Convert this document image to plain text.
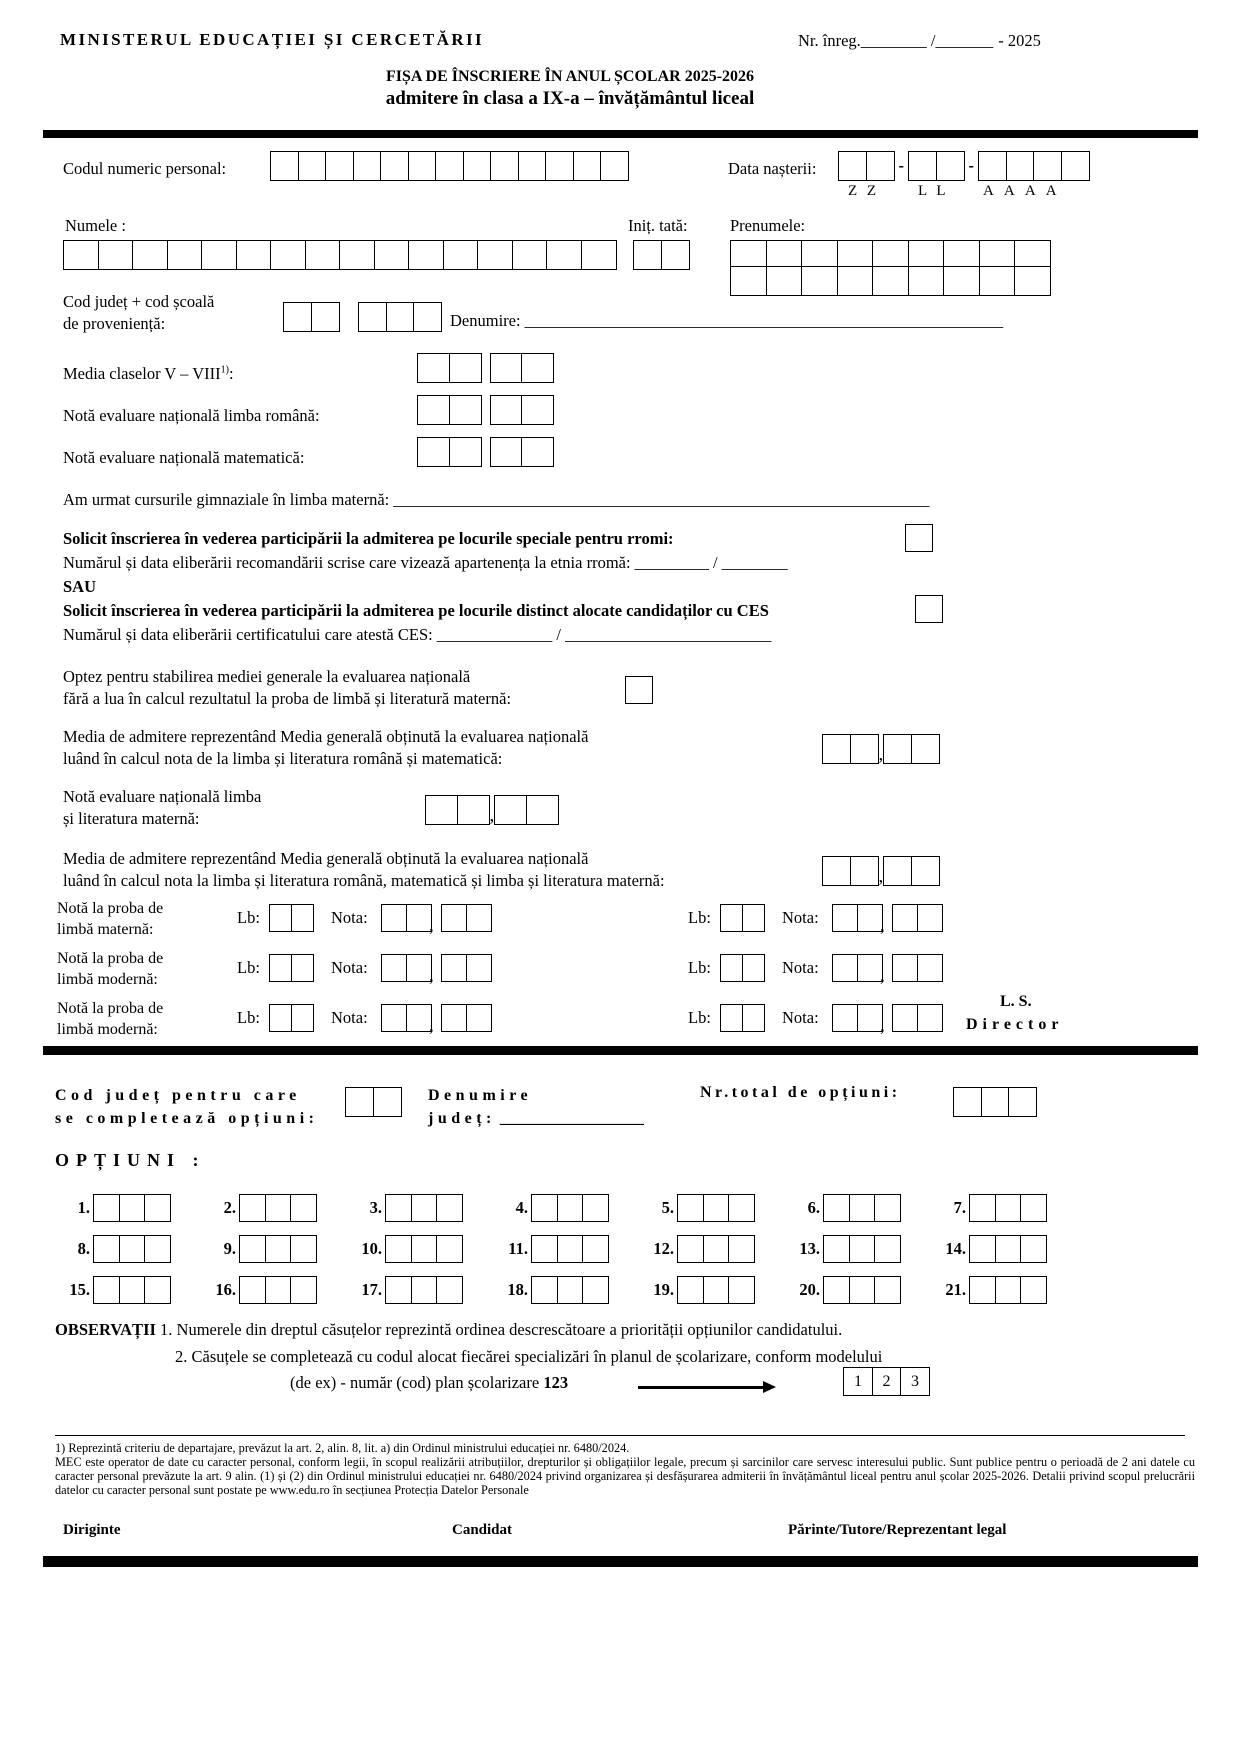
MINISTERUL EDUCAȚIEI ȘI CERCETĂRII	Nr. înreg.________ /_______ - 2025
FIȘA DE ÎNSCRIERE ÎN ANUL ȘCOLAR 2025-2026
admitere în clasa a IX-a – învățământul liceal
Codul numeric personal:	Data nașterii:	-	-
Z Z	L L A A A A
Numele :	Iniț. tată:	Prenumele:
Cod județ + cod școală
de proveniență:	Denumire: __________________________________________________________
Media claselor V – VIII$^{1)}$:
Notă evaluare națională limba română:
Notă evaluare națională matematică:
Am urmat cursurile gimnaziale în limba maternă: _________________________________________________________________
Solicit înscrierea în vederea participării la admiterea pe locurile speciale pentru rromi:
Numărul și data eliberării recomandării scrise care vizează apartenența la etnia rromă: _________ / ________
SAU
Solicit înscrierea în vederea participării la admiterea pe locurile distinct alocate candidaților cu CES
Numărul și data eliberării certificatului care atestă CES: ______________ / _________________________
Optez pentru stabilirea mediei generale la evaluarea națională
fără a lua în calcul rezultatul la proba de limbă și literatură maternă:
Media de admitere reprezentând Media generală obținută la evaluarea națională
luând în calcul nota de la limba și literatura română și matematică:	,
Notă evaluare națională limba
și literatura maternă:	,
Media de admitere reprezentând Media generală obținută la evaluarea națională
luând în calcul nota la limba și literatura română, matematică și limba și literatura maternă:	,
Notă la proba de
limbă maternă:
Lb:	Nota:	,	Lb:	Nota:	,
Notă la proba de
limbă modernă:
Lb:	Nota:	,	Lb:	Nota:	,
Notă la proba de
limbă modernă:
Lb:	Nota:	,	Lb:	Nota:	,
L. S.
Director
Cod județ pentru care
se completează opțiuni:
Denumire
județ: __________________
Nr.total de opțiuni:
OPȚIUNI :
1.	2.	3.	4.	5.	6.	7.
8.	9.	10.	11.	12.	13.	14.
15.	16.	17.	18.	19.	20.	21.
OBSERVAȚII 1. Numerele din dreptul căsuțelor reprezintă ordinea descrescătoare a priorității opțiunilor candidatului.
2. Căsuțele se completează cu codul alocat fiecărei specializări în planul de școlarizare, conform modelului
(de ex) - număr (cod) plan școlarizare 123	1	2	3
1) Reprezintă criteriu de departajare, prevăzut la art. 2, alin. 8, lit. a) din Ordinul ministrului educației nr. 6480/2024.
MEC este operator de date cu caracter personal, conform legii, în scopul realizării atribuțiilor, drepturilor și obligațiilor legale, precum și sarcinilor care servesc interesului public. Sunt publice pentru o perioadă de 2 ani datele cu caracter personal prevăzute la art. 9 alin. (1) și (2) din Ordinul ministrului educației nr. 6480/2024 privind organizarea și desfășurarea admiterii în învățământul liceal pentru anul școlar 2025-2026. Detalii privind scopul prelucrării datelor cu caracter personal sunt postate pe www.edu.ro în secțiunea Protecția Datelor Personale
Diriginte	Candidat	Părinte/Tutore/Reprezentant legal
